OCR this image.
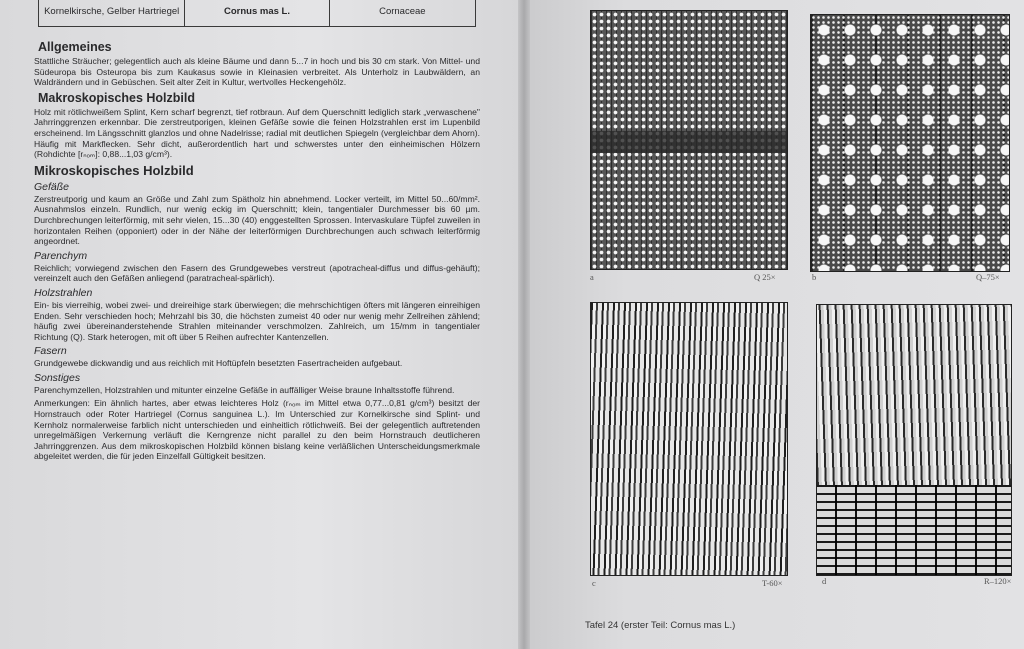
Kornelkirsche, Gelber Hartriegel	Cornus mas L.	Cornaceae
Allgemeines

Stattliche Sträucher; gelegentlich auch als kleine Bäume und dann 5...7 in hoch und bis 30 cm stark. Von Mittel- und Südeuropa bis Osteuropa bis zum Kaukasus sowie in Kleinasien verbreitet. Als Unterholz in Laubwäldern, an Waldrändern und in Gebüschen. Seit alter Zeit in Kultur, wertvolles Heckengehölz.

Makroskopisches Holzbild

Holz mit rötlichweißem Splint, Kern scharf begrenzt, tief rotbraun. Auf dem Querschnitt lediglich stark „verwaschene" Jahrringgrenzen erkennbar. Die zerstreutporigen, kleinen Gefäße sowie die feinen Holzstrahlen erst im Lupenbild erscheinend. Im Längsschnitt glanzlos und ohne Nadelrisse; radial mit deutlichen Spiegeln (vergleichbar dem Ahorn). Häufig mit Markflecken. Sehr dicht, außerordentlich hart und schwerstes unter den einheimischen Hölzern (Rohdichte [rₙₒₘ]: 0,88...1,03 g/cm³).

Mikroskopisches Holzbild
Gefäße

Zerstreutporig und kaum an Größe und Zahl zum Spätholz hin abnehmend. Locker verteilt, im Mittel 50...60/mm². Ausnahmslos einzeln. Rundlich, nur wenig eckig im Querschnitt; klein, tangentialer Durchmesser bis 60 µm. Durchbrechungen leiterförmig, mit sehr vielen, 15...30 (40) enggestellten Sprossen. Intervaskulare Tüpfel zuweilen in horizontalen Reihen (opponiert) oder in der Nähe der leiterförmigen Durchbrechungen auch schwach leiterförmig angeordnet.

Parenchym

Reichlich; vorwiegend zwischen den Fasern des Grundgewebes verstreut (apotracheal-diffus und diffus-gehäuft); vereinzelt auch den Gefäßen anliegend (paratracheal-spärlich).

Holzstrahlen

Ein- bis vierreihig, wobei zwei- und dreireihige stark überwiegen; die mehrschichtigen öfters mit längeren einreihigen Enden. Sehr verschieden hoch; Mehrzahl bis 30, die höchsten zumeist 40 oder nur wenig mehr Zellreihen zählend; häufig zwei übereinanderstehende Strahlen miteinander verschmolzen. Zahlreich, um 15/mm in tangentialer Richtung (Q). Stark heterogen, mit oft über 5 Reihen aufrechter Kantenzellen.

Fasern

Grundgewebe dickwandig und aus reichlich mit Hoftüpfeln besetzten Fasertracheiden aufgebaut.

Sonstiges

Parenchymzellen, Holzstrahlen und mitunter einzelne Gefäße in auffälliger Weise braune Inhaltsstoffe führend.

Anmerkungen: Ein ähnlich hartes, aber etwas leichteres Holz (rₙₒₘ im Mittel etwa 0,77...0,81 g/cm³) besitzt der Hornstrauch oder Roter Hartriegel (Cornus sanguinea L.). Im Unterschied zur Kornelkirsche sind Splint- und Kernholz normalerweise farblich nicht unterschieden und einheitlich rötlichweiß. Bei der gelegentlich auftretenden unregelmäßigen Verkernung verläuft die Kerngrenze nicht parallel zu den beim Hornstrauch deutlicheren Jahrringgrenzen. Aus dem mikroskopischen Holzbild können bislang keine verläßlichen Unterscheidungsmerkmale abgeleitet werden, die für jeden Einzelfall Gültigkeit besitzen.

a	Q 25×	b	Q–75×
c	T-60×	d	R–120×
Tafel 24 (erster Teil: Cornus mas L.)
